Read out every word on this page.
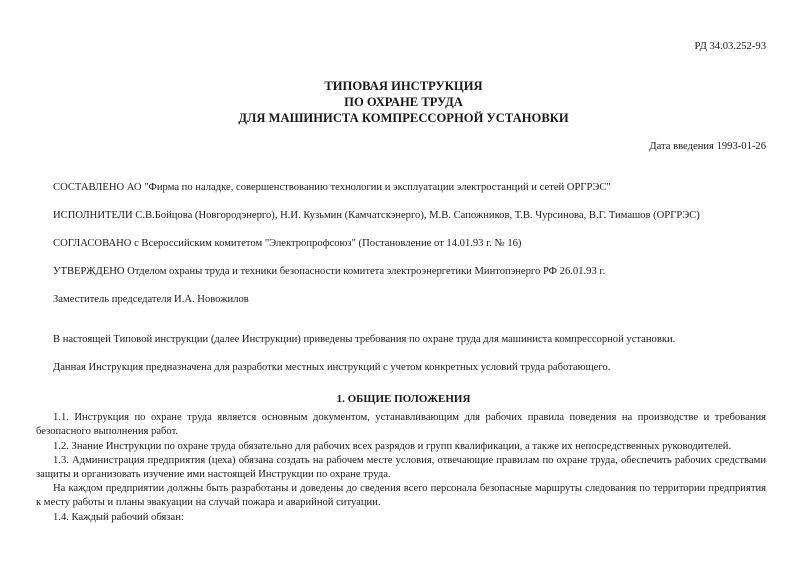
РД 34.03.252-93
ТИПОВАЯ ИНСТРУКЦИЯ
ПО ОХРАНЕ ТРУДА
ДЛЯ МАШИНИСТА КОМПРЕССОРНОЙ УСТАНОВКИ
Дата введения 1993-01-26
СОСТАВЛЕНО АО "Фирма по наладке, совершенствованию технологии и эксплуатации электростанций и сетей ОРГРЭС"
ИСПОЛНИТЕЛИ С.В.Бойцова (Новгородэнерго), Н.И. Кузьмин (Камчатскэнерго), М.В. Сапожников, Т.В. Чурсинова, В.Г. Тимашов (ОРГРЭС)
СОГЛАСОВАНО с Всероссийским комитетом "Электропрофсоюз" (Постановление от 14.01.93 г. № 16)
УТВЕРЖДЕНО Отделом охраны труда и техники безопасности комитета электроэнергетики Минтопэнерго РФ 26.01.93 г.
Заместитель председателя И.А. Новожилов
В настоящей Типовой инструкции (далее Инструкции) приведены требования по охране труда для машиниста компрессорной установки.
Данная Инструкция предназначена для разработки местных инструкций с учетом конкретных условий труда работающего.
1. ОБЩИЕ ПОЛОЖЕНИЯ
1.1. Инструкция по охране труда является основным документом, устанавливающим для рабочих правила поведения на производстве и требования безопасного выполнения работ.
1.2. Знание Инструкции по охране труда обязательно для рабочих всех разрядов и групп квалификации, а также их непосредственных руководителей.
1.3. Администрация предприятия (цеха) обязана создать на рабочем месте условия, отвечающие правилам по охране труда, обеспечить рабочих средствами защиты и организовать изучение ими настоящей Инструкции по охране труда.
На каждом предприятии должны быть разработаны и доведены до сведения всего персонала безопасные маршруты следования по территории предприятия к месту работы и планы эвакуации на случай пожара и аварийной ситуации.
1.4. Каждый рабочий обязан:
